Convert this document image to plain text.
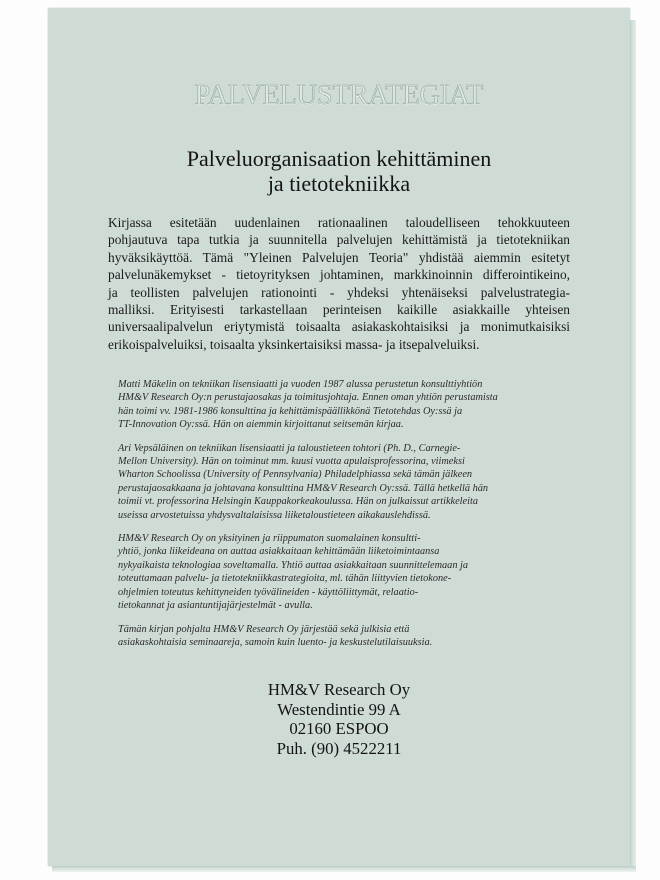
PALVELUSTRATEGIAT
Palveluorganisaation kehittäminen
ja tietotekniikka
Kirjassa esitetään uudenlainen rationaalinen taloudelliseen tehokkuuteen
pohjautuva tapa tutkia ja suunnitella palvelujen kehittämistä ja tietotekniikan
hyväksikäyttöä. Tämä "Yleinen Palvelujen Teoria" yhdistää aiemmin esitetyt
palvelunäkemykset - tietoyrityksen johtaminen, markkinoinnin differointikeino,
ja teollisten palvelujen rationointi - yhdeksi yhtenäiseksi palvelustrategia-
malliksi. Erityisesti tarkastellaan perinteisen kaikille asiakkaille yhteisen
universaalipalvelun eriytymistä toisaalta asiakaskohtaisiksi ja monimutkaisiksi
erikoispalveluiksi, toisaalta yksinkertaisiksi massa- ja itsepalveluiksi.
Matti Mäkelin on tekniikan lisensiaatti ja vuoden 1987 alussa perustetun konsulttiyhtiön
HM&V Research Oy:n perustajaosakas ja toimitusjohtaja. Ennen oman yhtiön perustamista
hän toimi vv. 1981-1986 konsulttina ja kehittämispäällikkönä Tietotehdas Oy:ssä ja
TT-Innovation Oy:ssä. Hän on aiemmin kirjoittanut seitsemän kirjaa.
Ari Vepsäläinen on tekniikan lisensiaatti ja taloustieteen tohtori (Ph. D., Carnegie-
Mellon University). Hän on toiminut mm. kuusi vuotta apulaisprofessorina, viimeksi
Wharton Schoolissa (University of Pennsylvania) Philadelphiassa sekä tämän jälkeen
perustajaosakkaana ja johtavana konsulttina HM&V Research Oy:ssä. Tällä hetkellä hän
toimii vt. professorina Helsingin Kauppakorkeakoulussa. Hän on julkaissut artikkeleita
useissa arvostetuissa yhdysvaltalaisissa liiketaloustieteen aikakauslehdissä.
HM&V Research Oy on yksityinen ja riippumaton suomalainen konsultti-
yhtiö, jonka liikeideana on auttaa asiakkaitaan kehittämään liiketoimintaansa
nykyaikaista teknologiaa soveltamalla. Yhtiö auttaa asiakkaitaan suunnittelemaan ja
toteuttamaan palvelu- ja tietotekniikkastrategioita, ml. tähän liittyvien tietokone-
ohjelmien toteutus kehittyneiden työvälineiden - käyttöliittymät, relaatio-
tietokannat ja asiantuntijajärjestelmät - avulla.
Tämän kirjan pohjalta HM&V Research Oy järjestää sekä julkisia että
asiakaskohtaisia seminaareja, samoin kuin luento- ja keskustelutilaisuuksia.
HM&V Research Oy
Westendintie 99 A
02160 ESPOO
Puh. (90) 4522211
